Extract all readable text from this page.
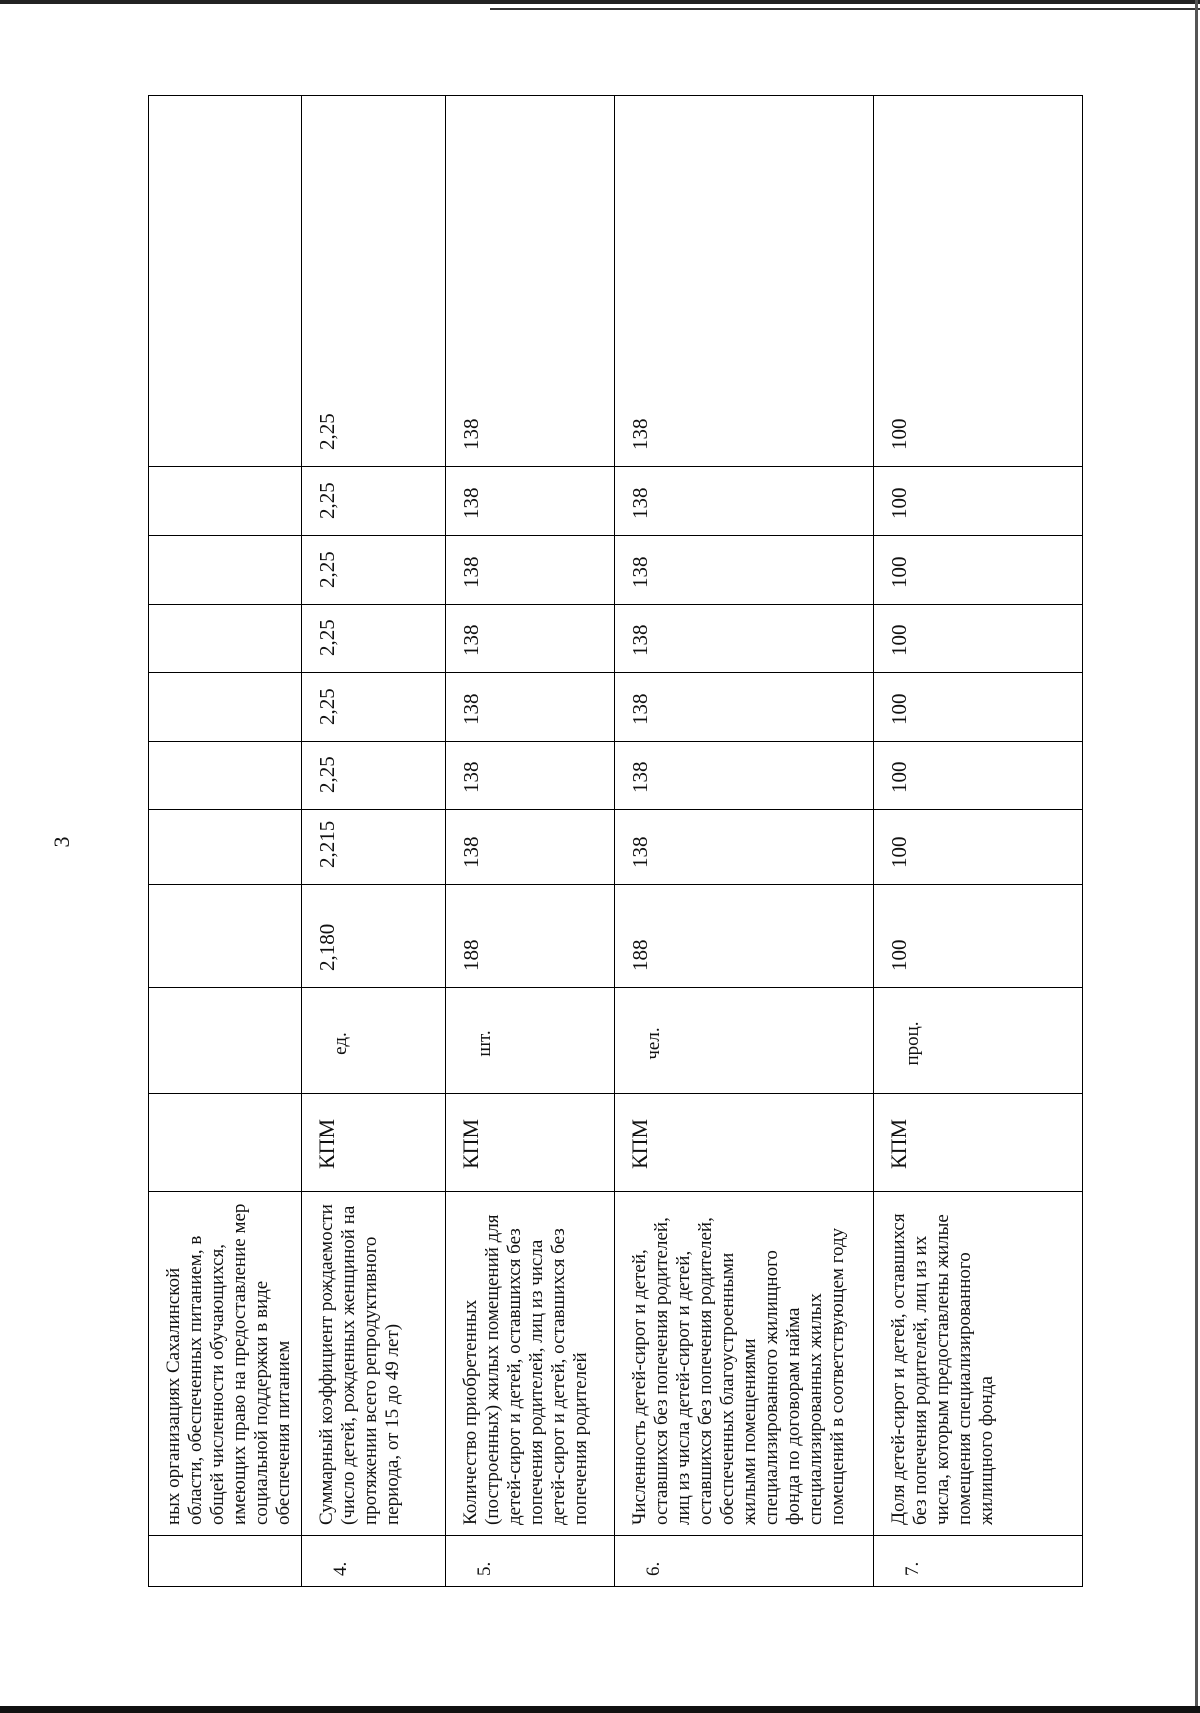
3
	ных организациях Сахалинской области, обеспеченных питанием, в общей численности обучающихся, имеющих право на предоставление мер социальной поддержки в виде обеспечения питанием											
4.	Суммарный коэффициент рождаемости (число детей, рожденных женщиной на протяжении всего репродуктивного периода, от 15 до 49 лет)	КПМ	ед.	2,180	2,215	2,25	2,25	2,25	2,25	2,25	2,25	
5.	Количество приобретенных (построенных) жилых помещений для детей-сирот и детей, оставшихся без попечения родителей, лиц из числа детей-сирот и детей, оставшихся без попечения родителей	КПМ	шт.	188	138	138	138	138	138	138	138	
6.	Численность детей-сирот и детей, оставшихся без попечения родителей, лиц из числа детей-сирот и детей, оставшихся без попечения родителей, обеспеченных благоустроенными жилыми помещениями специализированного жилищного фонда по договорам найма специализированных жилых помещений в соответствующем году	КПМ	чел.	188	138	138	138	138	138	138	138	
7.	Доля детей-сирот и детей, оставшихся без попечения родителей, лиц из их числа, которым предоставлены жилые помещения специализированного жилищного фонда	КПМ	проц.	100	100	100	100	100	100	100	100	
